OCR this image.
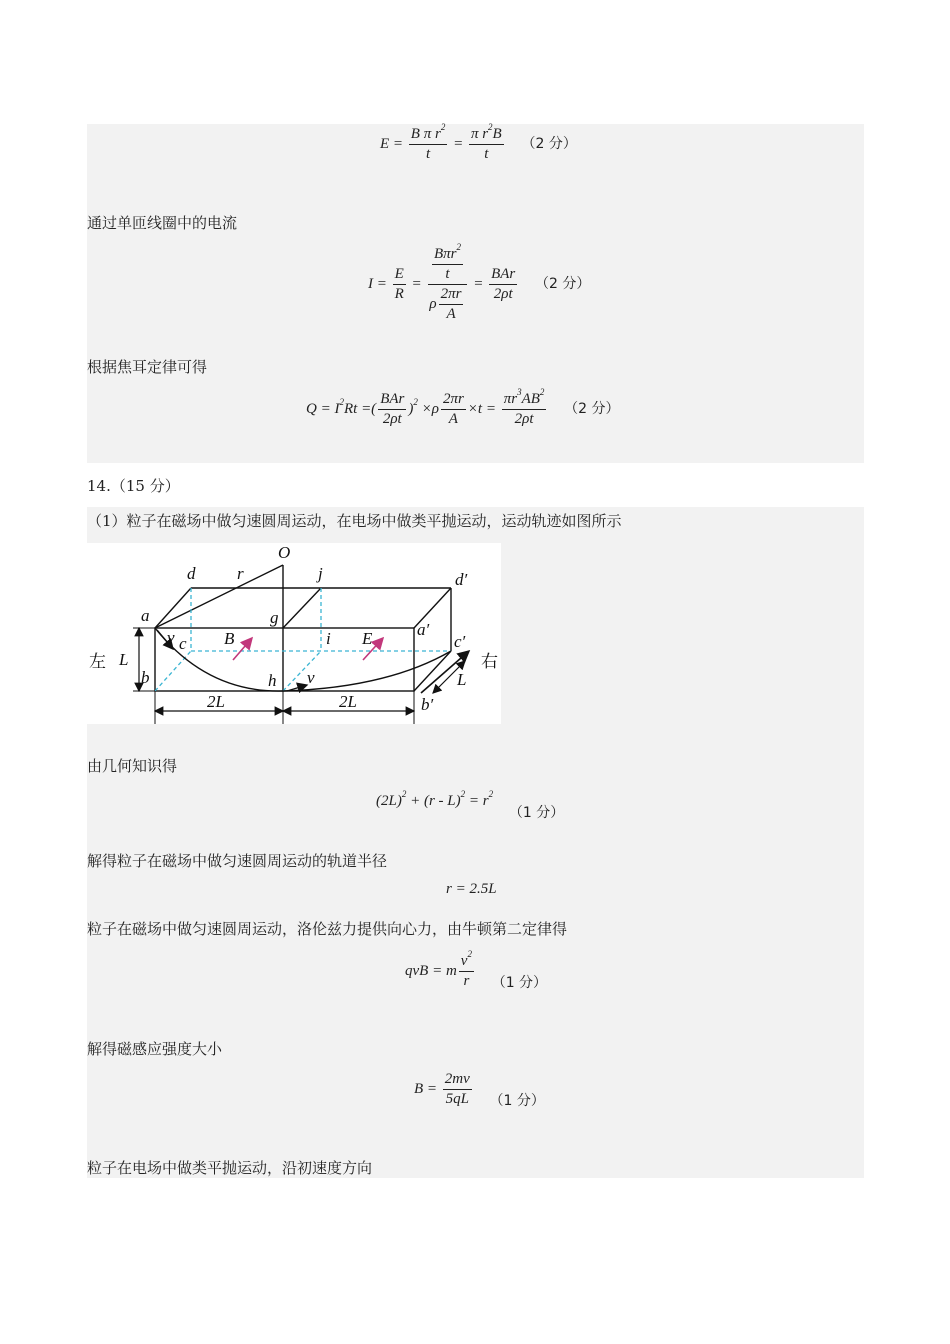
$E = \frac{B \pi r^2}{t} = \frac{\pi r^2B}{t} (2$ 分）
通过单匝线圈中的电流
$I = \frac{E}{R} = \frac{\frac{B\pi r^2}{t}}{\rho \frac{2\pi r}{A}} = \frac{\text{BAr}}{2\rho t} (2$ 分）
根据焦耳定律可得
$Q = I^2Rt$ =( $\frac{\text{BAr}}{2\rho t} )^2 \times\rho \frac{2\pi r}{A} \times t = \frac{\pi r^3AB^2}{2\rho t} (2$ 分）
14.（15 分）
（1）粒子在磁场中做匀速圆周运动，在电场中做类平抛运动，运动轨迹如图所示
O
d r	j	d′
a	g
v c B	i E	a′
c′
左 L
b	h v
右
L
b′
2L	2L
由几何知识得
$(2L)^2 + (r - L)^2 = r^2$ （1 分）
解得粒子在磁场中做匀速圆周运动的轨道半径
r = 2.5L
粒子在磁场中做匀速圆周运动，洛伦兹力提供向心力，由牛顿第二定律得
qvB = m $\frac{v^2}{r} (1$ 分）
解得磁感应强度大小
$B = \frac{2mv}{5qL} (1$ 分）
粒子在电场中做类平抛运动，沿初速度方向
